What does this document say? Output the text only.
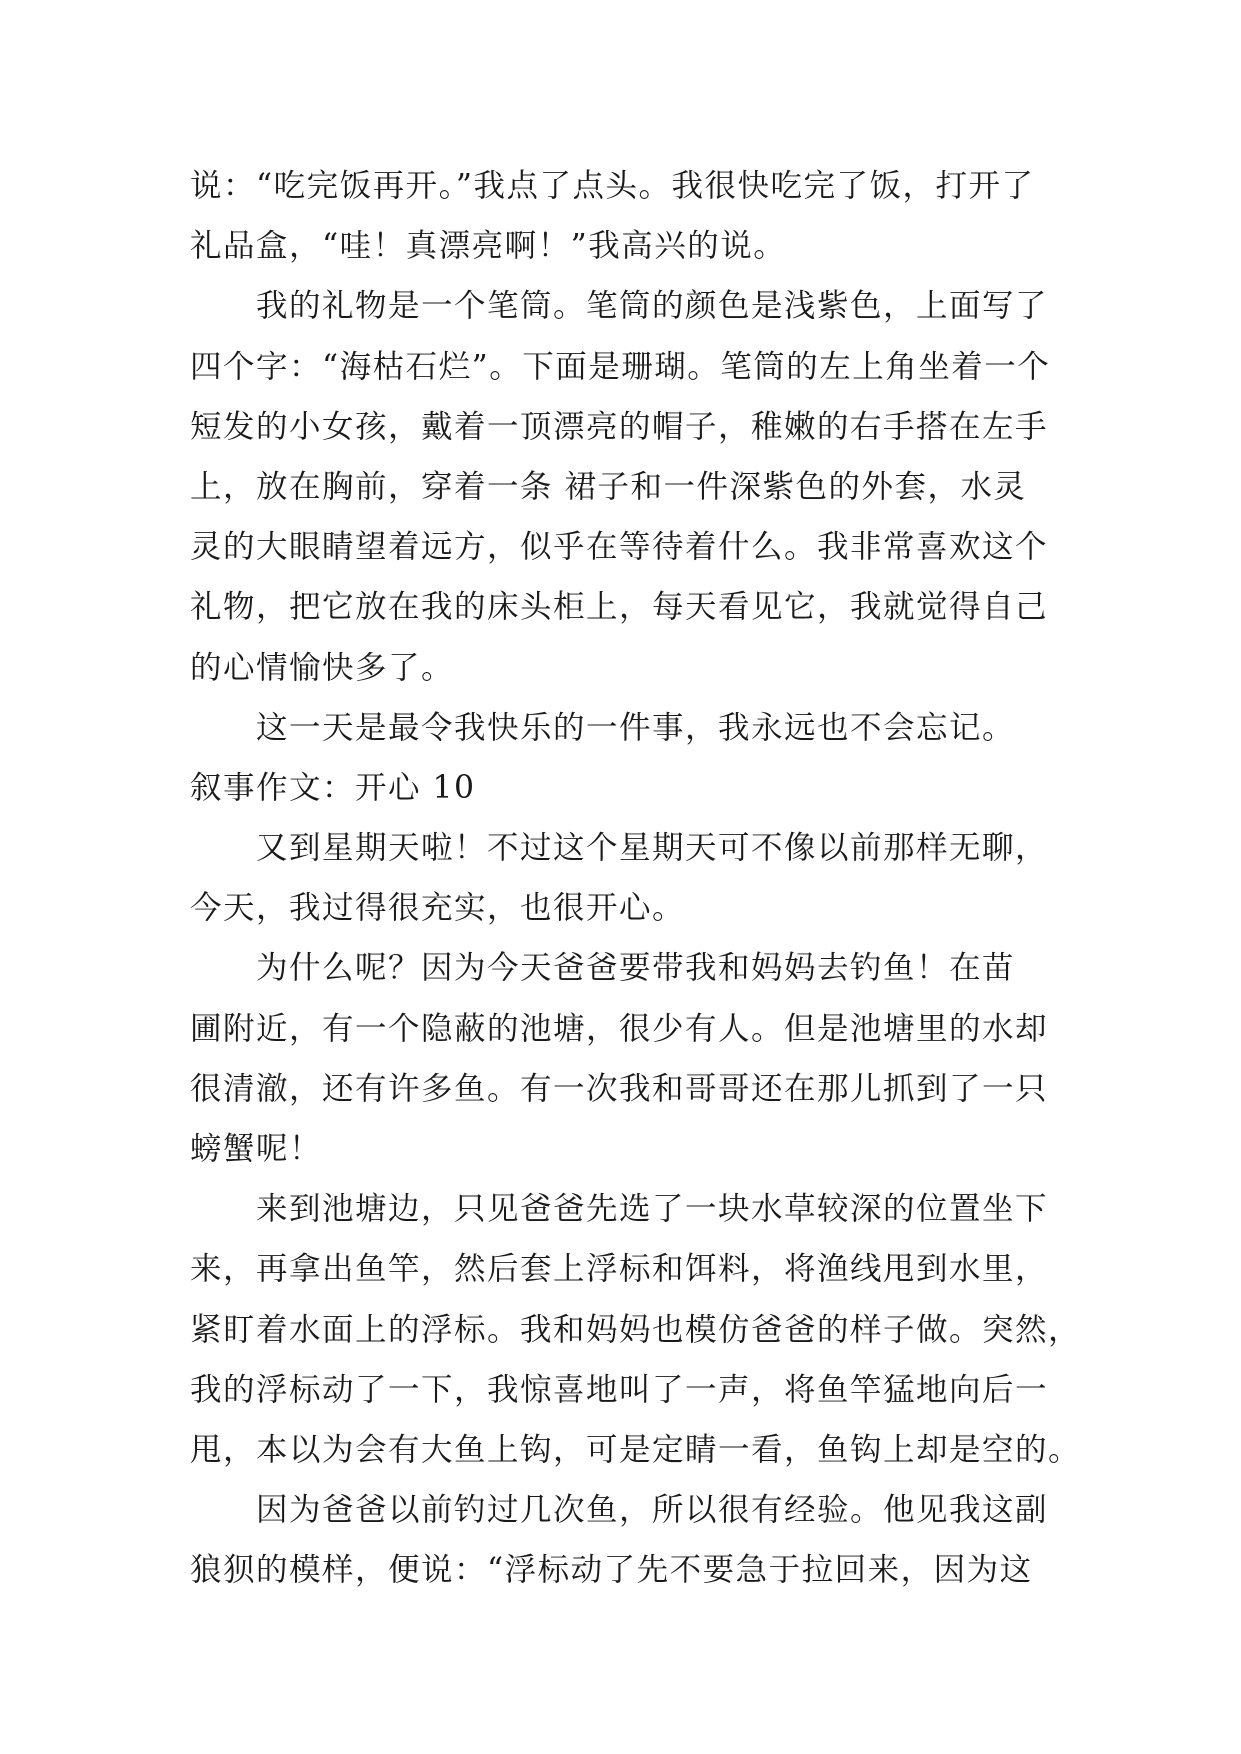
说：“吃完饭再开。”我点了点头。我很快吃完了饭，打开了
礼品盒，“哇！真漂亮啊！”我高兴的说。
我的礼物是一个笔筒。笔筒的颜色是浅紫色，上面写了
四个字：“海枯石烂”。下面是珊瑚。笔筒的左上角坐着一个
短发的小女孩，戴着一顶漂亮的帽子，稚嫩的右手搭在左手
上，放在胸前，穿着一条 裙子和一件深紫色的外套，水灵
灵的大眼睛望着远方，似乎在等待着什么。我非常喜欢这个
礼物，把它放在我的床头柜上，每天看见它，我就觉得自己
的心情愉快多了。
这一天是最令我快乐的一件事，我永远也不会忘记。
叙事作文：开心 10
又到星期天啦！不过这个星期天可不像以前那样无聊，
今天，我过得很充实，也很开心。
为什么呢？因为今天爸爸要带我和妈妈去钓鱼！在苗
圃附近，有一个隐蔽的池塘，很少有人。但是池塘里的水却
很清澈，还有许多鱼。有一次我和哥哥还在那儿抓到了一只
螃蟹呢！
来到池塘边，只见爸爸先选了一块水草较深的位置坐下
来，再拿出鱼竿，然后套上浮标和饵料，将渔线甩到水里，
紧盯着水面上的浮标。我和妈妈也模仿爸爸的样子做。突然，
我的浮标动了一下，我惊喜地叫了一声，将鱼竿猛地向后一
甩，本以为会有大鱼上钩，可是定睛一看，鱼钩上却是空的。
因为爸爸以前钓过几次鱼，所以很有经验。他见我这副
狼狈的模样，便说：“浮标动了先不要急于拉回来，因为这
